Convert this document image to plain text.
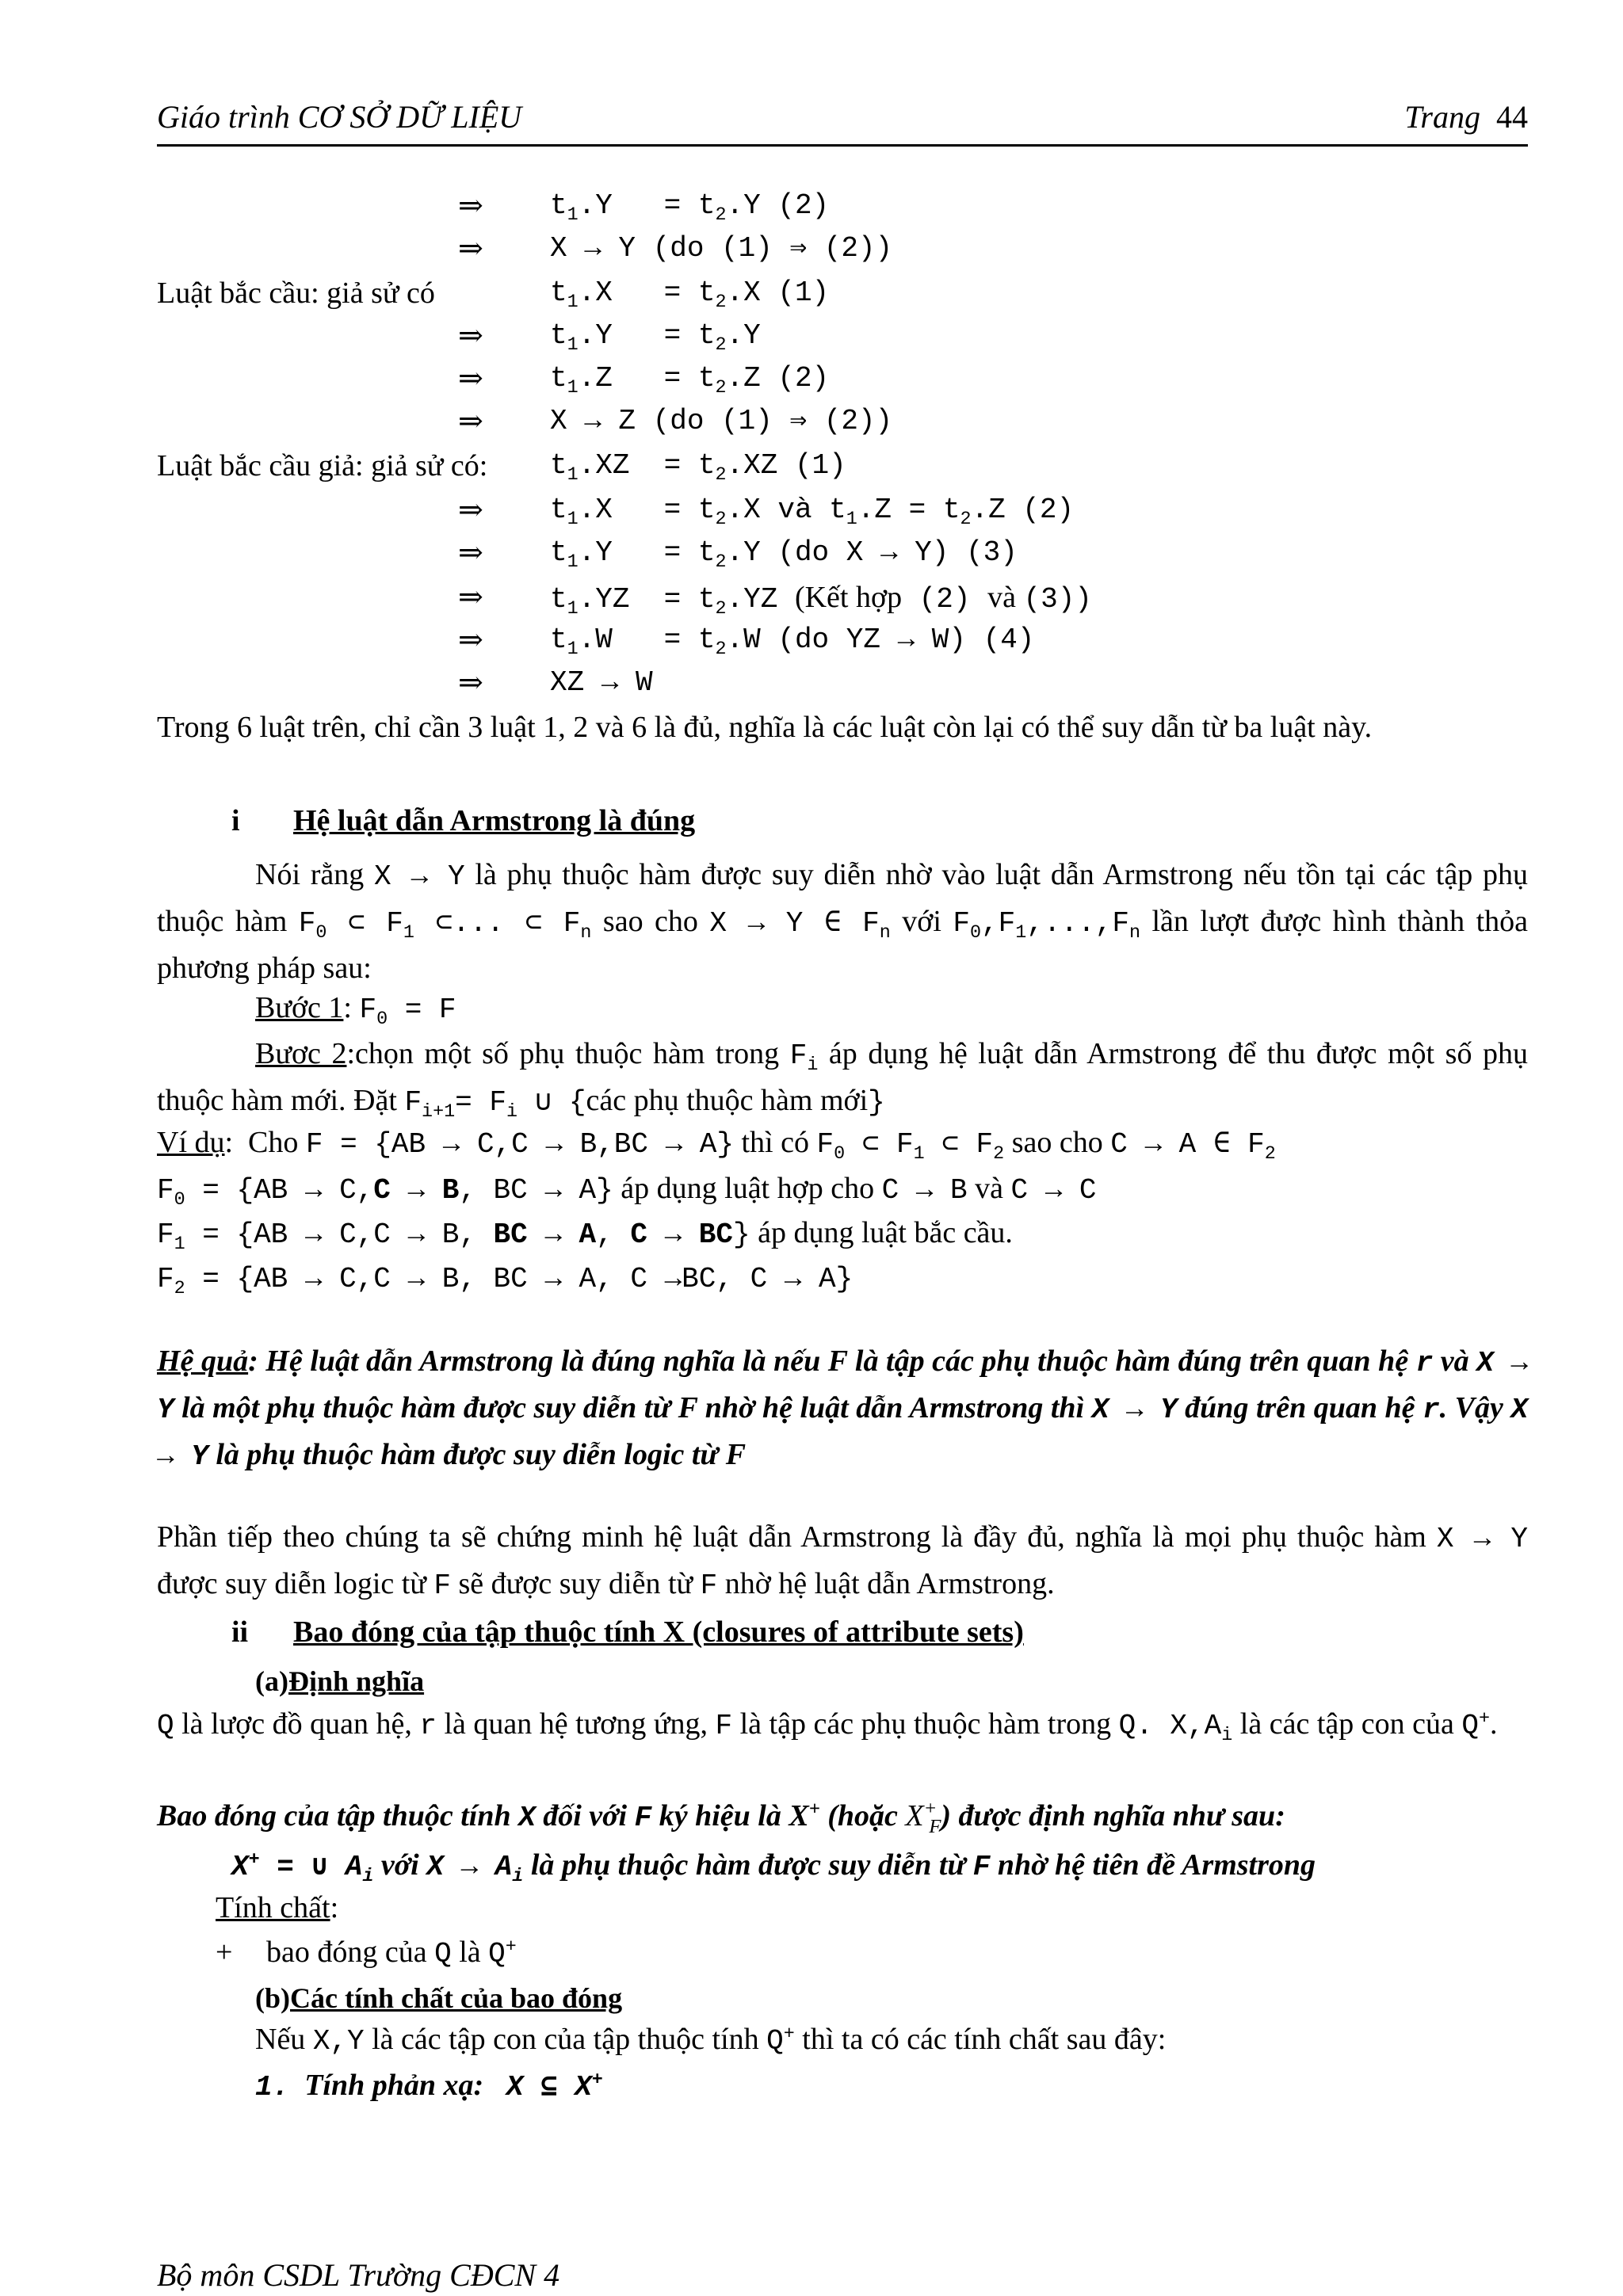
Giáo trình CƠ SỞ DỮ LIỆU	Trang 44
⇒ $t_1.Y = t_2.Y$ (2)
⇒ X → Y (do (1) ⇒ (2))
Luật bắc cầu: giả sử có	$t_1.X = t_2.X$ (1)
⇒ $t_1.Y = t_2.Y$
⇒ $t_1.Z = t_2.Z$ (2)
⇒ X → Z (do (1) ⇒ (2))
Luật bắc cầu giả: giả sử có: $t_1.XZ = t_2.XZ$ (1)
⇒ $t_1.X = t_2.X$ và $t_1.Z = t_2.Z$ (2)
⇒ $t_1.Y = t_2.Y$ (do X → Y) (3)
⇒ $t_1.YZ = t_2.YZ$ (Kết hợp (2) và (3))
⇒ $t_1.W = t_2.W$ (do YZ → W) (4)
⇒ XZ → W
Trong 6 luật trên, chỉ cần 3 luật 1, 2 và 6 là đủ, nghĩa là các luật còn lại có thể suy dẫn từ ba luật này.
i Hệ luật dẫn Armstrong là đúng
Nói rằng X → Y là phụ thuộc hàm được suy diễn nhờ vào luật dẫn Armstrong nếu tồn tại các tập phụ thuộc hàm $F_0$ ⊂ $F_1$ ⊂... ⊂ $F_n$ sao cho X → Y ∈ $F_n$ với $F_0,F_1,...,F_n$ lần lượt được hình thành thỏa phương pháp sau:
Bước 1: $F_0 = F$
Bươc 2:chọn một số phụ thuộc hàm trong $F_i$ áp dụng hệ luật dẫn Armstrong để thu được một số phụ thuộc hàm mới. Đặt $F_{i+1}= F_i$ ∪ {các phụ thuộc hàm mới}
Ví dụ:  Cho F = {AB → C,C → B,BC → A} thì có $F_0$ ⊂ $F_1$ ⊂ $F_2$ sao cho C → A ∈ $F_2$
$F_0 = \{AB \to C,C \to B$, BC → A} áp dụng luật hợp cho C → B và C → C
$F_1 = \{AB \to C,C \to B$, BC → A, C → BC} áp dụng luật bắc cầu.
$F_2 = \{AB \to C,C \to B$, BC → A, C →BC, C → A}
Hệ quả: Hệ luật dẫn Armstrong là đúng nghĩa là nếu F là tập các phụ thuộc hàm đúng trên quan hệ r và X → Y là một phụ thuộc hàm được suy diễn từ F nhờ hệ luật dẫn Armstrong thì X → Y đúng trên quan hệ r. Vậy X → Y là phụ thuộc hàm được suy diễn logic từ F
Phần tiếp theo chúng ta sẽ chứng minh hệ luật dẫn Armstrong là đầy đủ, nghĩa là mọi phụ thuộc hàm X → Y được suy diễn logic từ F sẽ được suy diễn từ F nhờ hệ luật dẫn Armstrong.
ii Bao đóng của tập thuộc tính X (closures of attribute sets)
(a)Định nghĩa
Q là lược đồ quan hệ, r là quan hệ tương ứng, F là tập các phụ thuộc hàm trong Q. $X,A_i$ là các tập con của Q+.
Bao đóng của tập thuộc tính X đối với F ký hiệu là X+ (hoặc $X^+_F$) được định nghĩa như sau:
X+ = ∪ $A_i$ với $X \to A_i$ là phụ thuộc hàm được suy diễn từ F nhờ hệ tiên đề Armstrong
Tính chất:
+ bao đóng của Q là Q+
(b)Các tính chất của bao đóng
Nếu X,Y là các tập con của tập thuộc tính Q+ thì ta có các tính chất sau đây:
1. Tính phản xạ: X ⊆ X+
Bộ môn CSDL Trường CĐCN 4
